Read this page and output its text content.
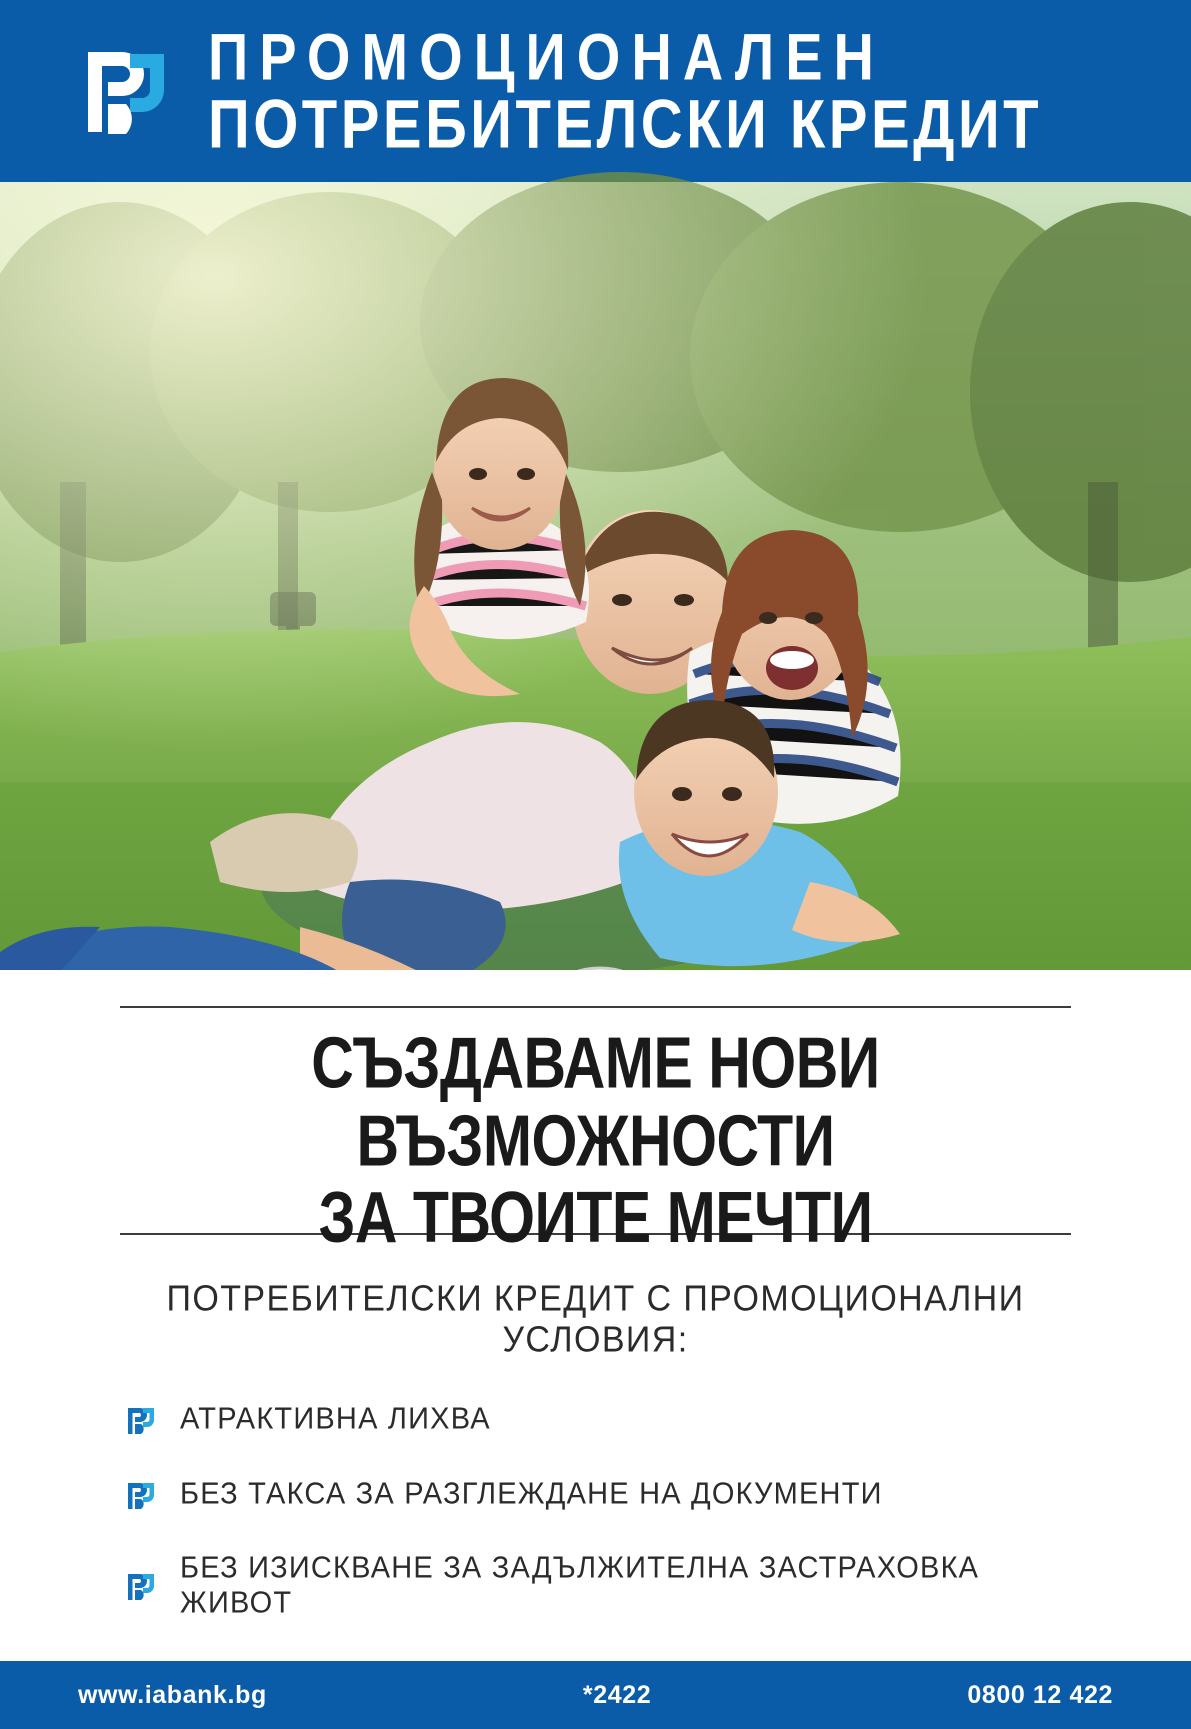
ПРОМОЦИОНАЛЕН
ПОТРЕБИТЕЛСКИ КРЕДИТ
СЪЗДАВАМЕ НОВИ ВЪЗМОЖНОСТИ
ЗА ТВОИТЕ МЕЧТИ
ПОТРЕБИТЕЛСКИ КРЕДИТ С ПРОМОЦИОНАЛНИ УСЛОВИЯ:
АТРАКТИВНА ЛИХВА
БЕЗ ТАКСА ЗА РАЗГЛЕЖДАНЕ НА ДОКУМЕНТИ
БЕЗ ИЗИСКВАНЕ ЗА ЗАДЪЛЖИТЕЛНА ЗАСТРАХОВКА ЖИВОТ
www.iabank.bg	*2422	0800 12 422
